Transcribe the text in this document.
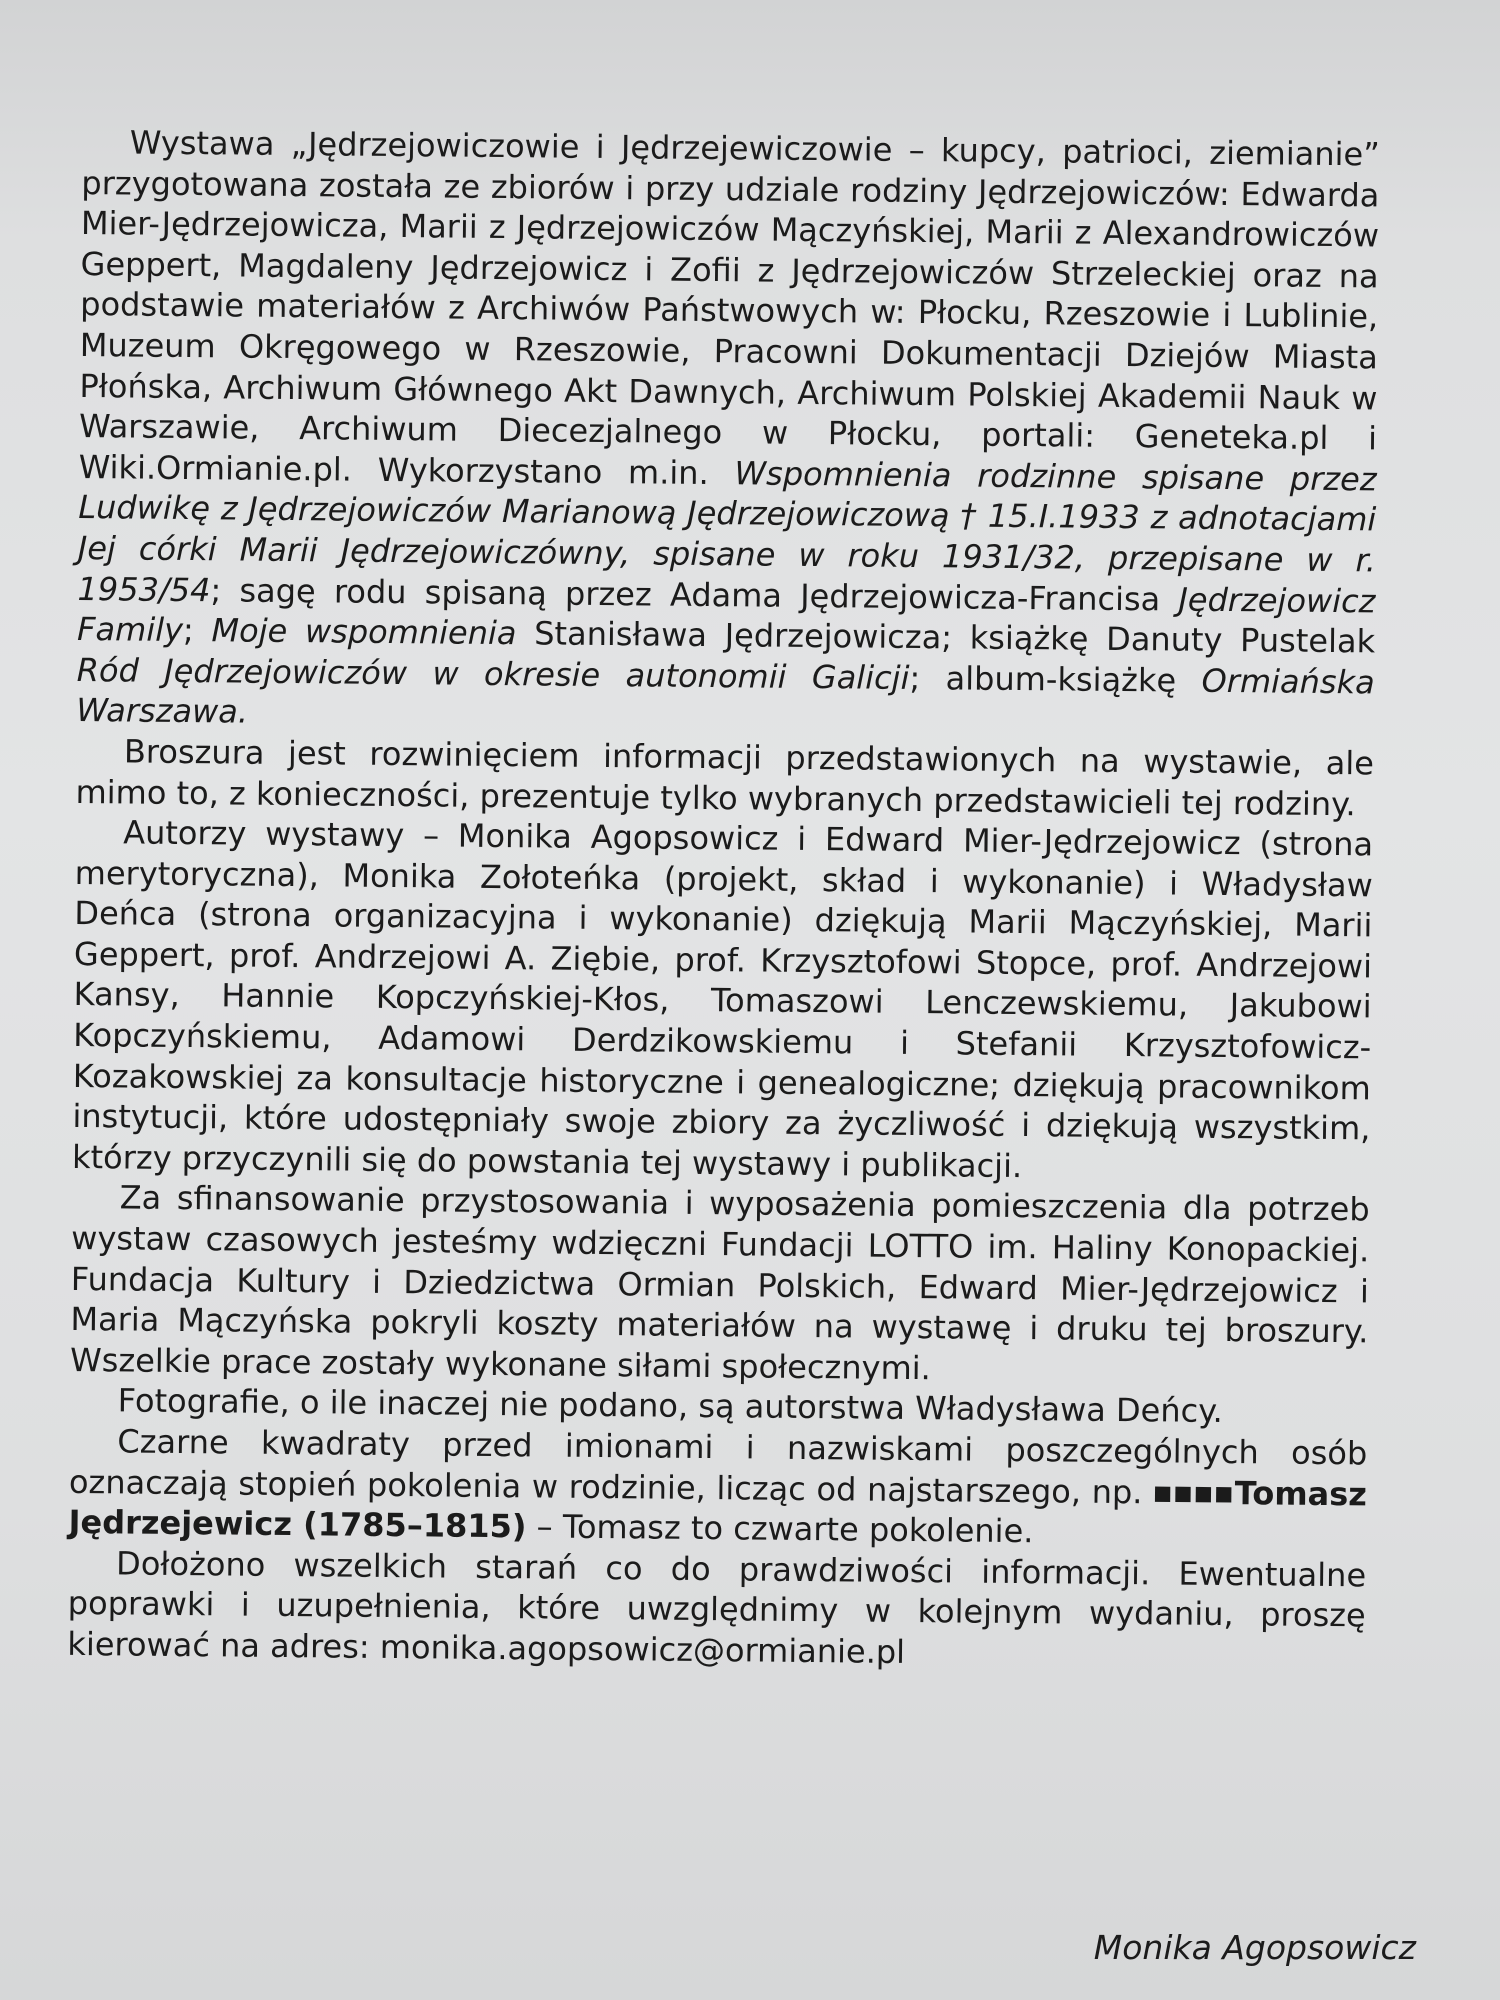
Wystawa „Jędrzejowiczowie i Jędrzejewiczowie – kupcy, patrioci, ziemianie” przygotowana została ze zbiorów i przy udziale rodziny Jędrzejowiczów: Edwarda Mier-Jędrzejowicza, Marii z Jędrzejowiczów Mączyńskiej, Marii z Alexandrowiczów Geppert, Magdaleny Jędrzejowicz i Zofii z Jędrzejowiczów Strzeleckiej oraz na podstawie materiałów z Archiwów Państwowych w: Płocku, Rzeszowie i Lublinie, Muzeum Okręgowego w Rzeszowie, Pracowni Dokumentacji Dziejów Miasta Płońska, Archiwum Głównego Akt Dawnych, Archiwum Polskiej Akademii Nauk w Warszawie, Archiwum Diecezjalnego w Płocku, portali: Geneteka.pl i Wiki.Ormianie.pl. Wykorzystano m.in. Wspomnienia rodzinne spisane przez Ludwikę z Jędrzejowiczów Marianową Jędrzejowiczową † 15.I.1933 z adnotacjami Jej córki Marii Jędrzejowiczówny, spisane w roku 1931/32, przepisane w r. 1953/54; sagę rodu spisaną przez Adama Jędrzejowicza-Francisa Jędrzejowicz Family; Moje wspomnienia Stanisława Jędrzejowicza; książkę Danuty Pustelak Ród Jędrzejowiczów w okresie autonomii Galicji; album-książkę Ormiańska Warszawa.

Broszura jest rozwinięciem informacji przedstawionych na wystawie, ale mimo to, z konieczności, prezentuje tylko wybranych przedstawicieli tej rodziny.

Autorzy wystawy – Monika Agopsowicz i Edward Mier-Jędrzejowicz (strona merytoryczna), Monika Zołoteńka (projekt, skład i wykonanie) i Władysław Deńca (strona organizacyjna i wykonanie) dziękują Marii Mączyńskiej, Marii Geppert, prof. Andrzejowi A. Ziębie, prof. Krzysztofowi Stopce, prof. Andrzejowi Kansy, Hannie Kopczyńskiej-Kłos, Tomaszowi Lenczewskiemu, Jakubowi Kopczyńskiemu, Adamowi Derdzikowskiemu i Stefanii Krzysztofowicz-Kozakowskiej za konsultacje historyczne i genealogiczne; dziękują pracownikom instytucji, które udostępniały swoje zbiory za życzliwość i dziękują wszystkim, którzy przyczynili się do powstania tej wystawy i publikacji.

Za sfinansowanie przystosowania i wyposażenia pomieszczenia dla potrzeb wystaw czasowych jesteśmy wdzięczni Fundacji LOTTO im. Haliny Konopackiej. Fundacja Kultury i Dziedzictwa Ormian Polskich, Edward Mier-Jędrzejowicz i Maria Mączyńska pokryli koszty materiałów na wystawę i druku tej broszury. Wszelkie prace zostały wykonane siłami społecznymi.

Fotografie, o ile inaczej nie podano, są autorstwa Władysława Deńcy.

Czarne kwadraty przed imionami i nazwiskami poszczególnych osób oznaczają stopień pokolenia w rodzinie, licząc od najstarszego, np. ■■■■Tomasz Jędrzejewicz (1785–1815) – Tomasz to czwarte pokolenie.

Dołożono wszelkich starań co do prawdziwości informacji. Ewentualne poprawki i uzupełnienia, które uwzględnimy w kolejnym wydaniu, proszę kierować na adres: monika.agopsowicz@ormianie.pl

Monika Agopsowicz
